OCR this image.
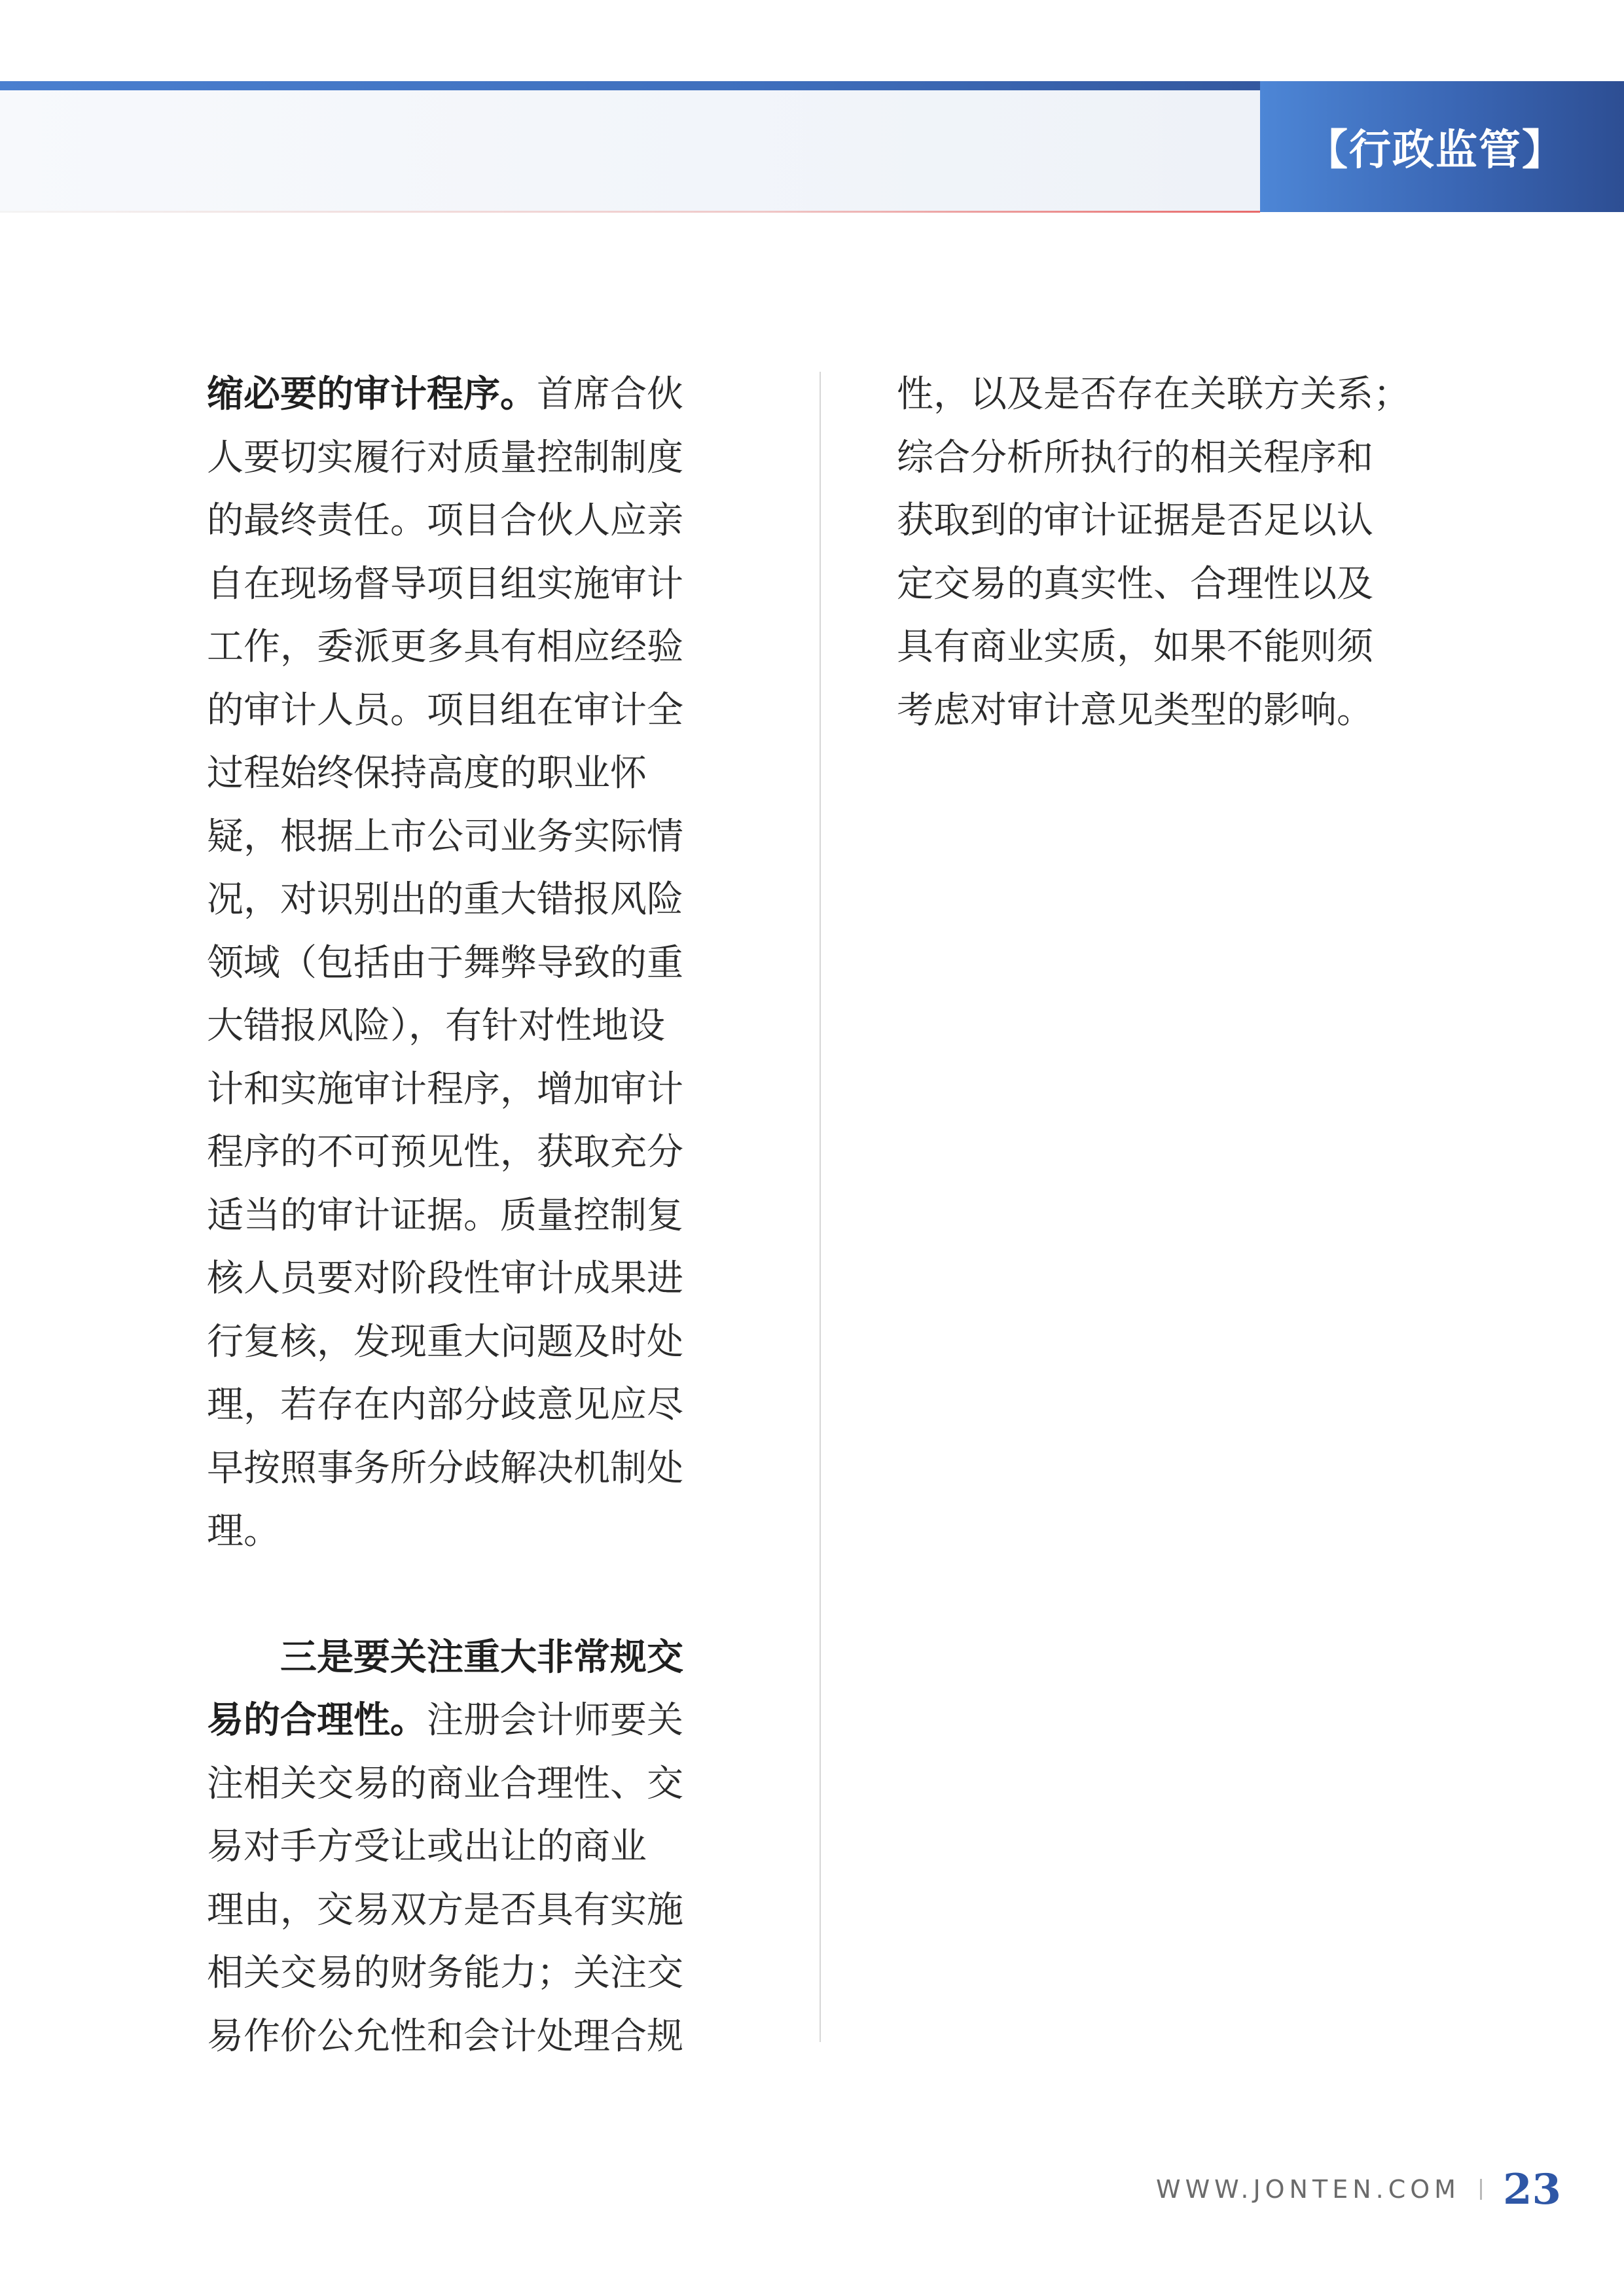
【行政监管】

缩必要的审计程序。首席合伙

人要切实履行对质量控制制度

的最终责任。项目合伙人应亲

自在现场督导项目组实施审计

工作，委派更多具有相应经验

的审计人员。项目组在审计全

过程始终保持高度的职业怀

疑，根据上市公司业务实际情

况，对识别出的重大错报风险

领域（包括由于舞弊导致的重

大错报风险），有针对性地设

计和实施审计程序，增加审计

程序的不可预见性，获取充分

适当的审计证据。质量控制复

核人员要对阶段性审计成果进

行复核，发现重大问题及时处

理，若存在内部分歧意见应尽

早按照事务所分歧解决机制处

理。

三是要关注重大非常规交

易的合理性。注册会计师要关

注相关交易的商业合理性、交

易对手方受让或出让的商业

理由，交易双方是否具有实施

相关交易的财务能力；关注交

易作价公允性和会计处理合规

性，以及是否存在关联方关系；

综合分析所执行的相关程序和

获取到的审计证据是否足以认

定交易的真实性、合理性以及

具有商业实质，如果不能则须

考虑对审计意见类型的影响。

WWW.JONTEN.COM 23
